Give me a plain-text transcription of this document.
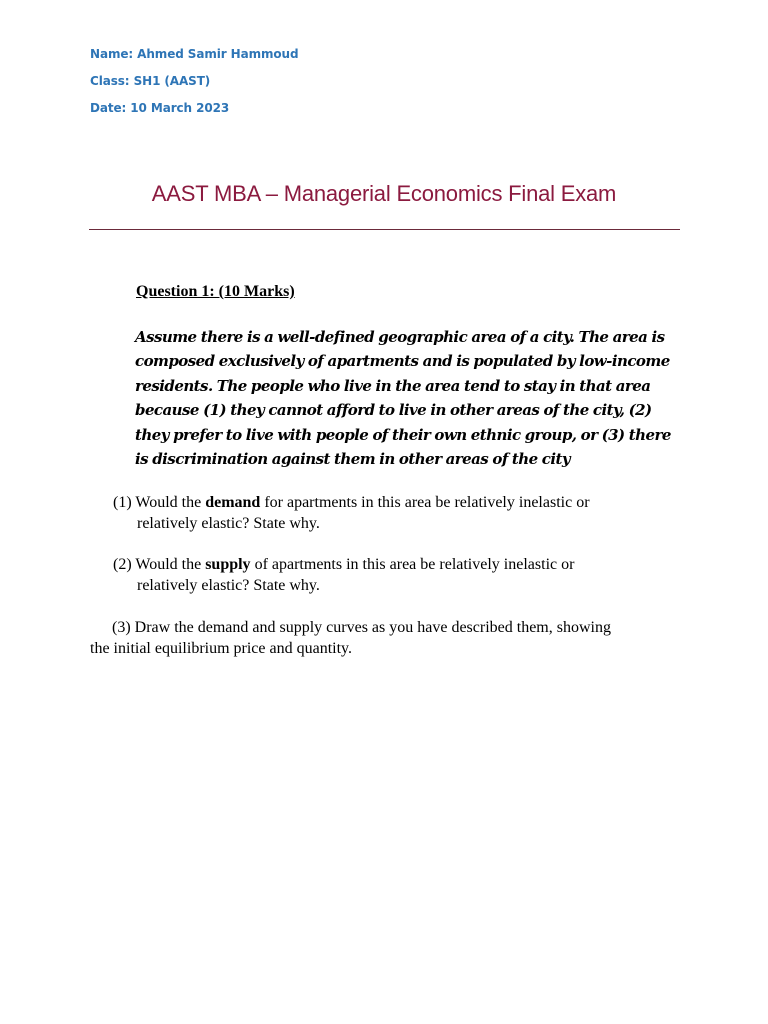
Name: Ahmed Samir Hammoud
Class: SH1 (AAST)
Date: 10 March 2023
AAST MBA – Managerial Economics Final Exam
Question 1: (10 Marks)
Assume there is a well-defined geographic area of a city. The area is
composed exclusively of apartments and is populated by low-income
residents. The people who live in the area tend to stay in that area
because (1) they cannot afford to live in other areas of the city, (2)
they prefer to live with people of their own ethnic group, or (3) there
is discrimination against them in other areas of the city
(1) Would the demand for apartments in this area be relatively inelastic or
relatively elastic? State why.
(2) Would the supply of apartments in this area be relatively inelastic or
relatively elastic? State why.
(3) Draw the demand and supply curves as you have described them, showing
the initial equilibrium price and quantity.
